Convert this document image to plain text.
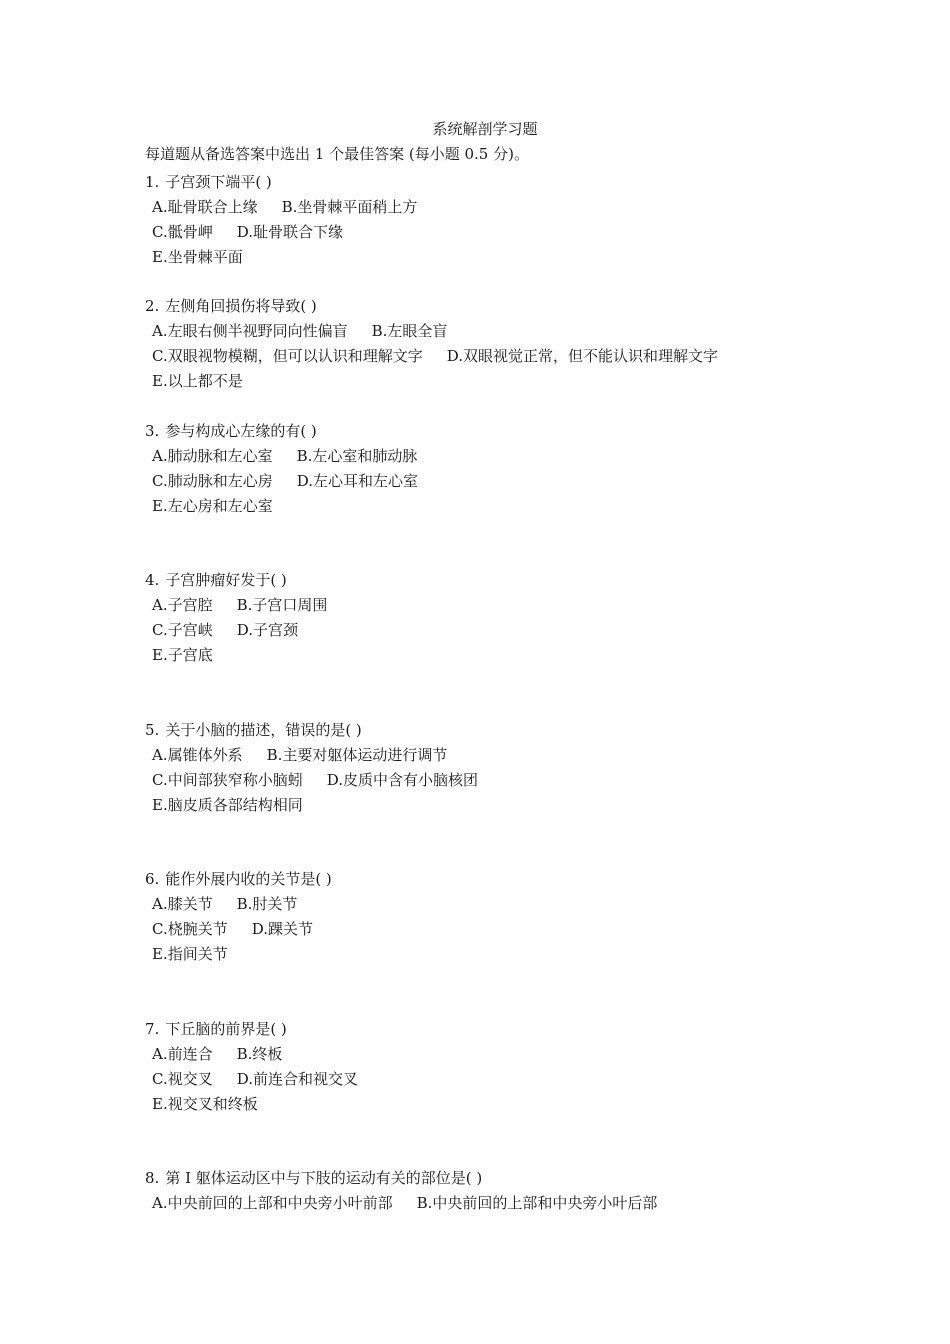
系统解剖学习题
每道题从备选答案中选出 1 个最佳答案 (每小题 0.5 分)。
1. 子宫颈下端平( )
A.耻骨联合上缘 B.坐骨棘平面稍上方
C.骶骨岬 D.耻骨联合下缘
E.坐骨棘平面
2. 左侧角回损伤将导致( )
A.左眼右侧半视野同向性偏盲 B.左眼全盲
C.双眼视物模糊，但可以认识和理解文字 D.双眼视觉正常，但不能认识和理解文字
E.以上都不是
3. 参与构成心左缘的有( )
A.肺动脉和左心室 B.左心室和肺动脉
C.肺动脉和左心房 D.左心耳和左心室
E.左心房和左心室
4. 子宫肿瘤好发于( )
A.子宫腔 B.子宫口周围
C.子宫峡 D.子宫颈
E.子宫底
5. 关于小脑的描述，错误的是( )
A.属锥体外系 B.主要对躯体运动进行调节
C.中间部狭窄称小脑蚓 D.皮质中含有小脑核团
E.脑皮质各部结构相同
6. 能作外展内收的关节是( )
A.膝关节 B.肘关节
C.桡腕关节 D.踝关节
E.指间关节
7. 下丘脑的前界是( )
A.前连合 B.终板
C.视交叉 D.前连合和视交叉
E.视交叉和终板
8. 第 I 躯体运动区中与下肢的运动有关的部位是( )
A.中央前回的上部和中央旁小叶前部 B.中央前回的上部和中央旁小叶后部
